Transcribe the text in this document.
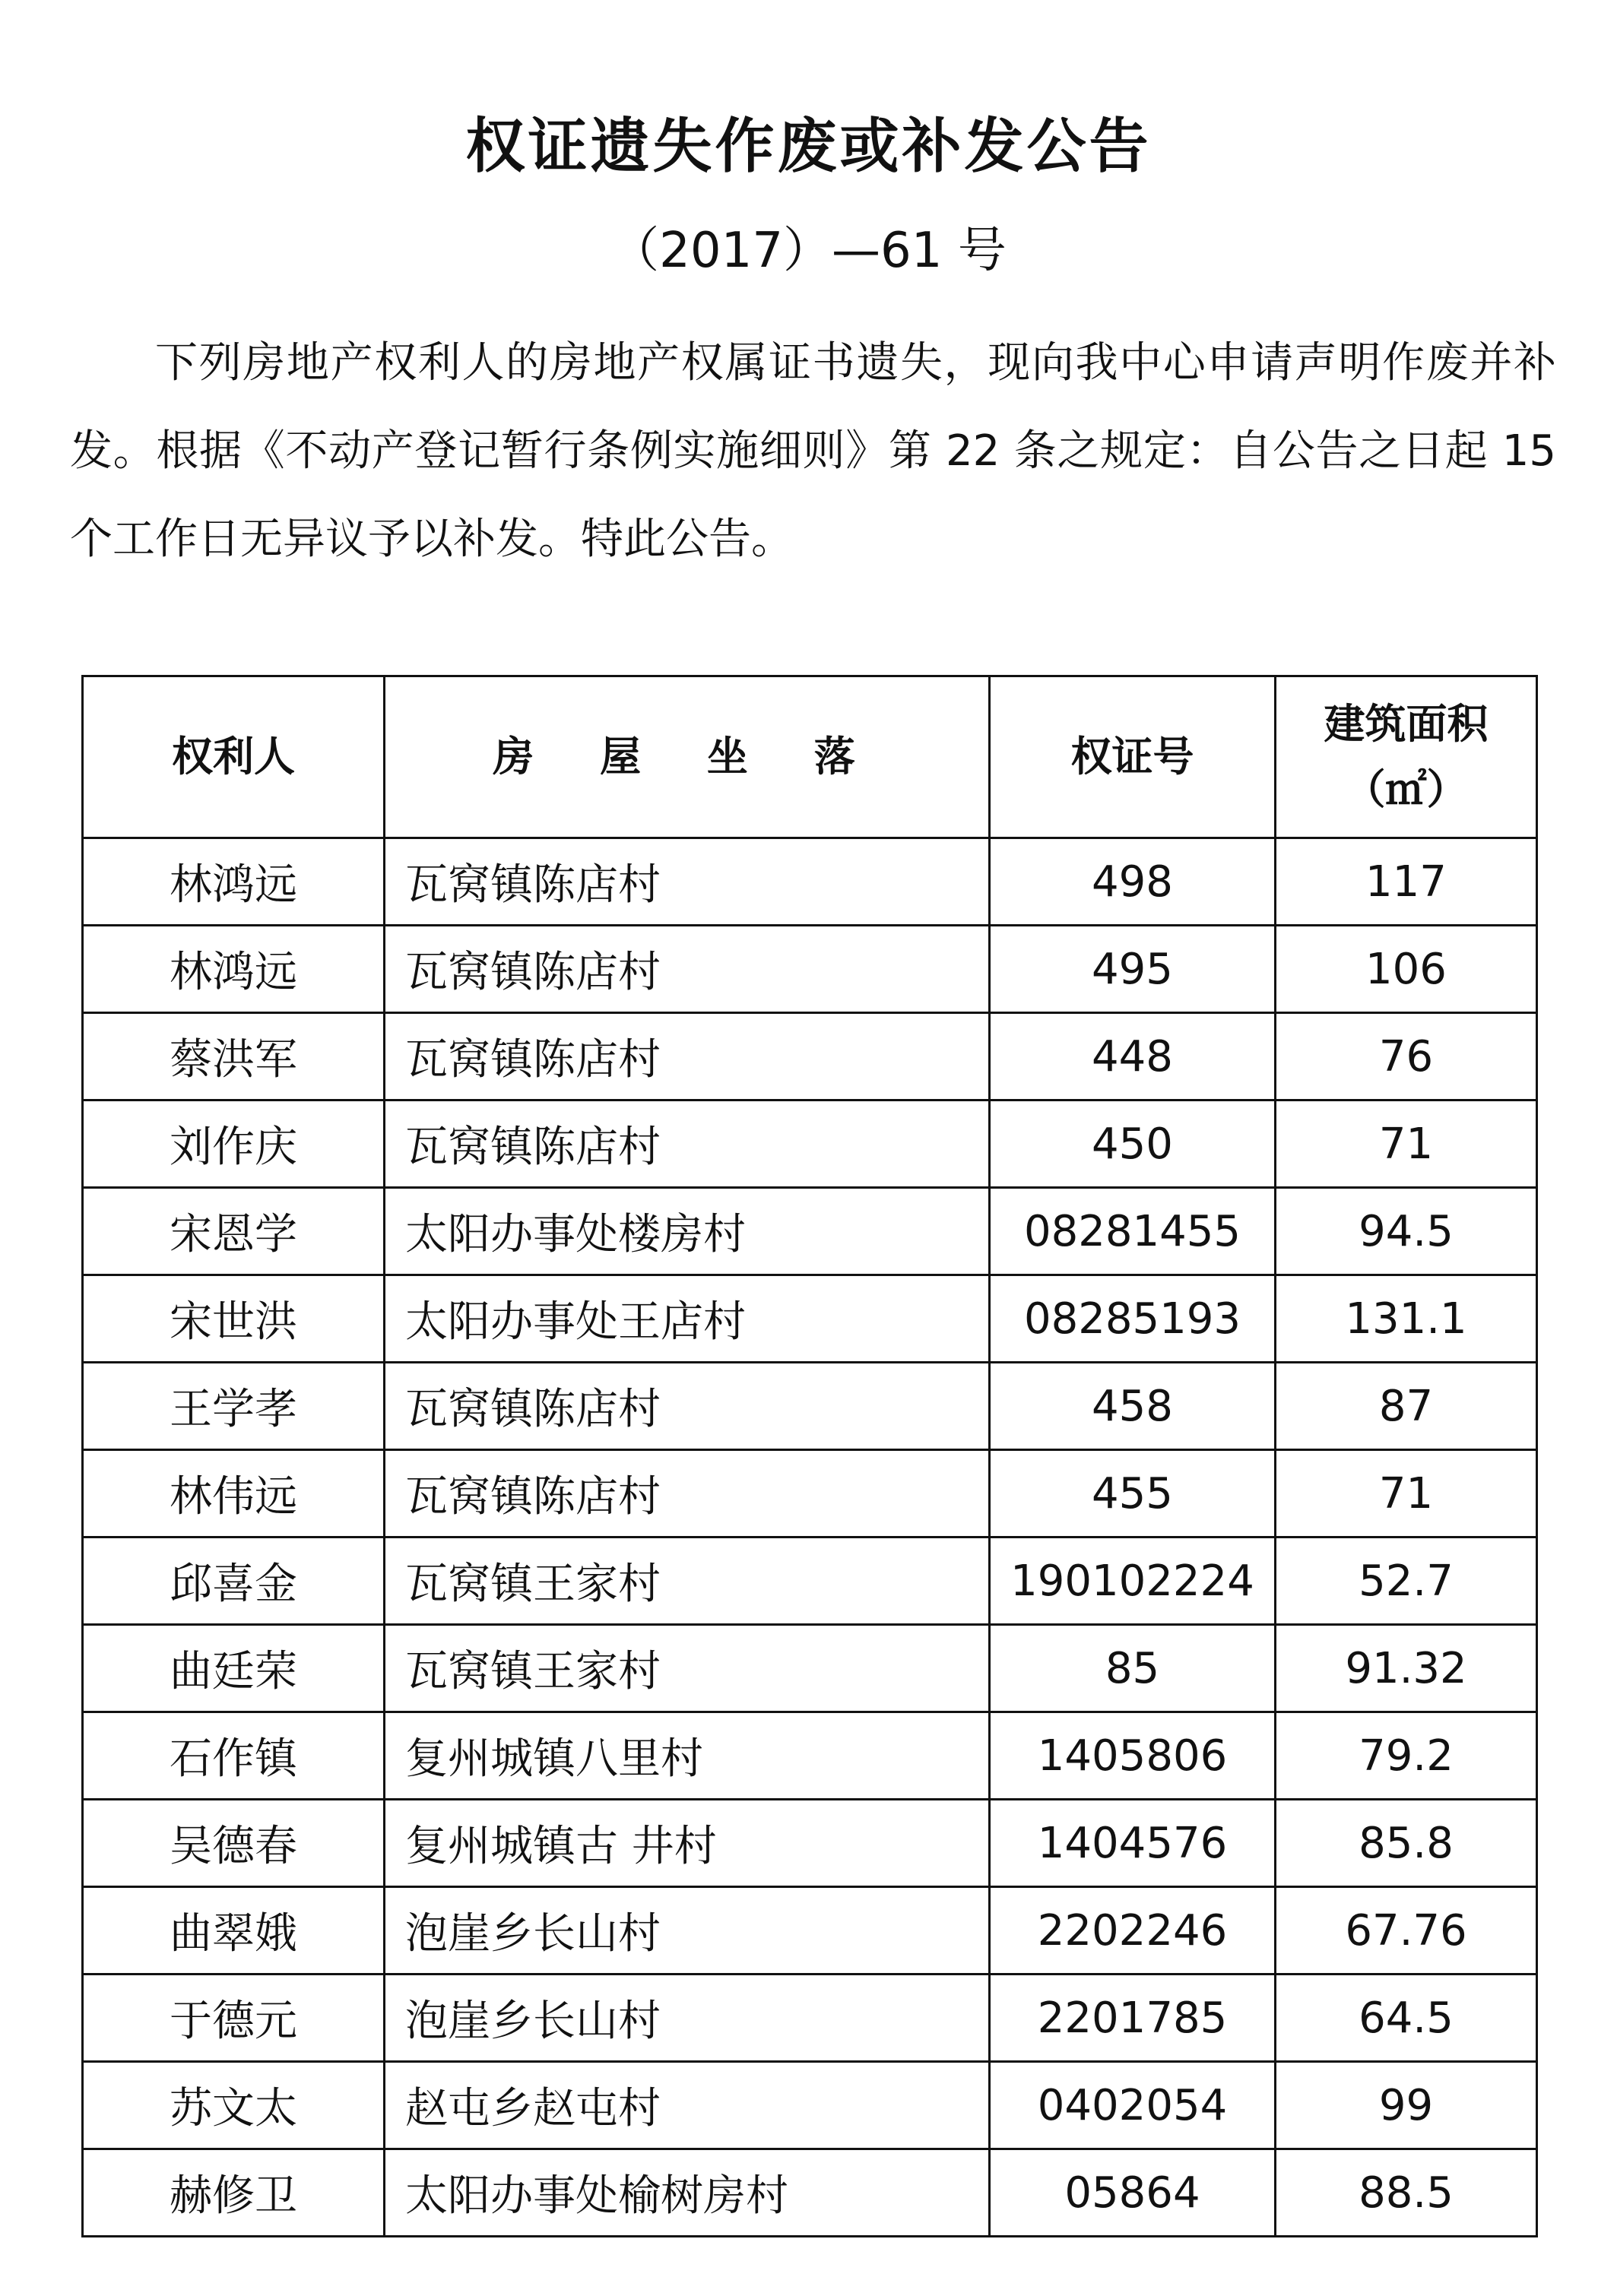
权证遗失作废或补发公告
（2017）—61 号

下列房地产权利人的房地产权属证书遗失，现向我中心申请声明作废并补发。根据《不动产登记暂行条例实施细则》第 22 条之规定：自公告之日起 15 个工作日无异议予以补发。特此公告。

权利人	房 屋 坐 落	权证号	建筑面积
（㎡）

林鸿远	瓦窝镇陈店村	498	117
林鸿远	瓦窝镇陈店村	495	106
蔡洪军	瓦窝镇陈店村	448	76
刘作庆	瓦窝镇陈店村	450	71
宋恩学	太阳办事处楼房村	08281455	94.5
宋世洪	太阳办事处王店村	08285193	131.1
王学孝	瓦窝镇陈店村	458	87
林伟远	瓦窝镇陈店村	455	71
邱喜金	瓦窝镇王家村	190102224	52.7
曲廷荣	瓦窝镇王家村	85	91.32
石作镇	复州城镇八里村	1405806	79.2
吴德春	复州城镇古 井村	1404576	85.8
曲翠娥	泡崖乡长山村	2202246	67.76
于德元	泡崖乡长山村	2201785	64.5
苏文太	赵屯乡赵屯村	0402054	99
赫修卫	太阳办事处榆树房村	05864	88.5
